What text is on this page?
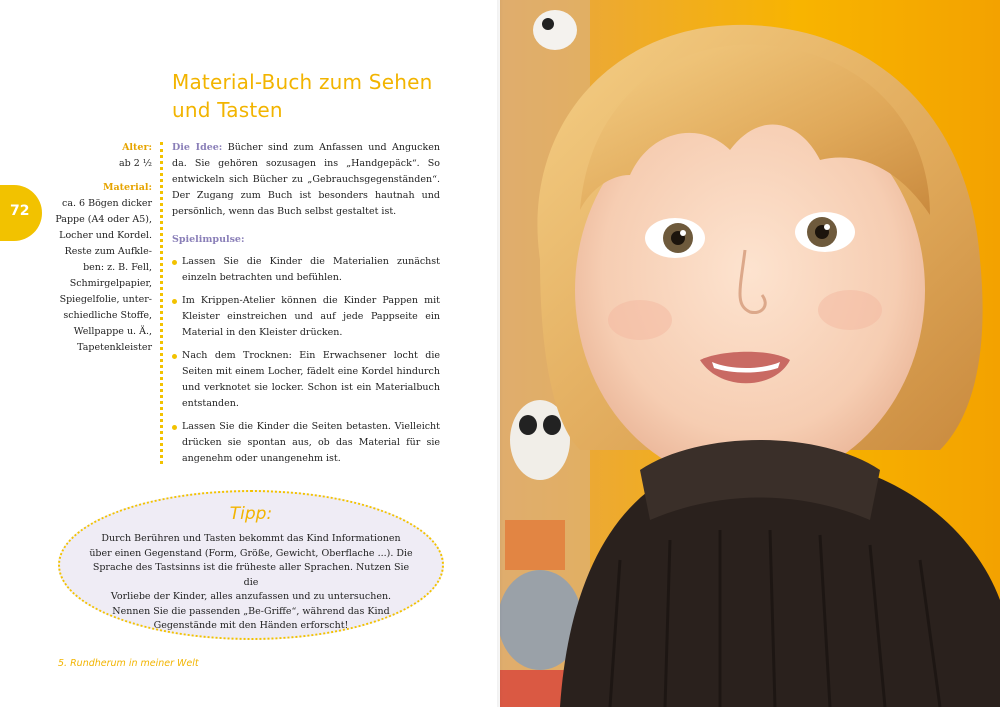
72
Material-Buch zum Sehen
und Tasten
Alter:
ab 2 ½
Material:
ca. 6 Bögen dicker
Pappe (A4 oder A5),
Locher und Kordel.
Reste zum Aufkle-
ben: z. B. Fell,
Schmirgelpapier,
Spiegelfolie, unter-
schiedliche Stoffe,
Wellpappe u. Ä.,
Tapetenkleister

Die Idee: Bücher sind zum Anfassen und Angucken da. Sie gehören sozusagen ins „Handgepäck“. So entwickeln sich Bücher zu „Gebrauchsgegenständen“. Der Zugang zum Buch ist besonders hautnah und persönlich, wenn das Buch selbst gestaltet ist.

Spielimpulse:
Lassen Sie die Kinder die Materialien zunächst einzeln betrachten und befühlen.
Im Krippen-Atelier können die Kinder Pappen mit Kleister einstreichen und auf jede Pappseite ein Material in den Kleister drücken.
Nach dem Trocknen: Ein Erwachsener locht die Seiten mit einem Locher, fädelt eine Kordel hindurch und verknotet sie locker. Schon ist ein Materialbuch entstanden.
Lassen Sie die Kinder die Seiten betasten. Vielleicht drücken sie spontan aus, ob das Material für sie angenehm oder unangenehm ist.
Tipp:
Durch Berühren und Tasten bekommt das Kind Informationen
über einen Gegenstand (Form, Größe, Gewicht, Oberflache ...). Die
Sprache des Tastsinns ist die früheste aller Sprachen. Nutzen Sie die
Vorliebe der Kinder, alles anzufassen und zu untersuchen.
Nennen Sie die passenden „Be-Griffe“, während das Kind
Gegenstände mit den Händen erforscht!
5. Rundherum in meiner Welt
